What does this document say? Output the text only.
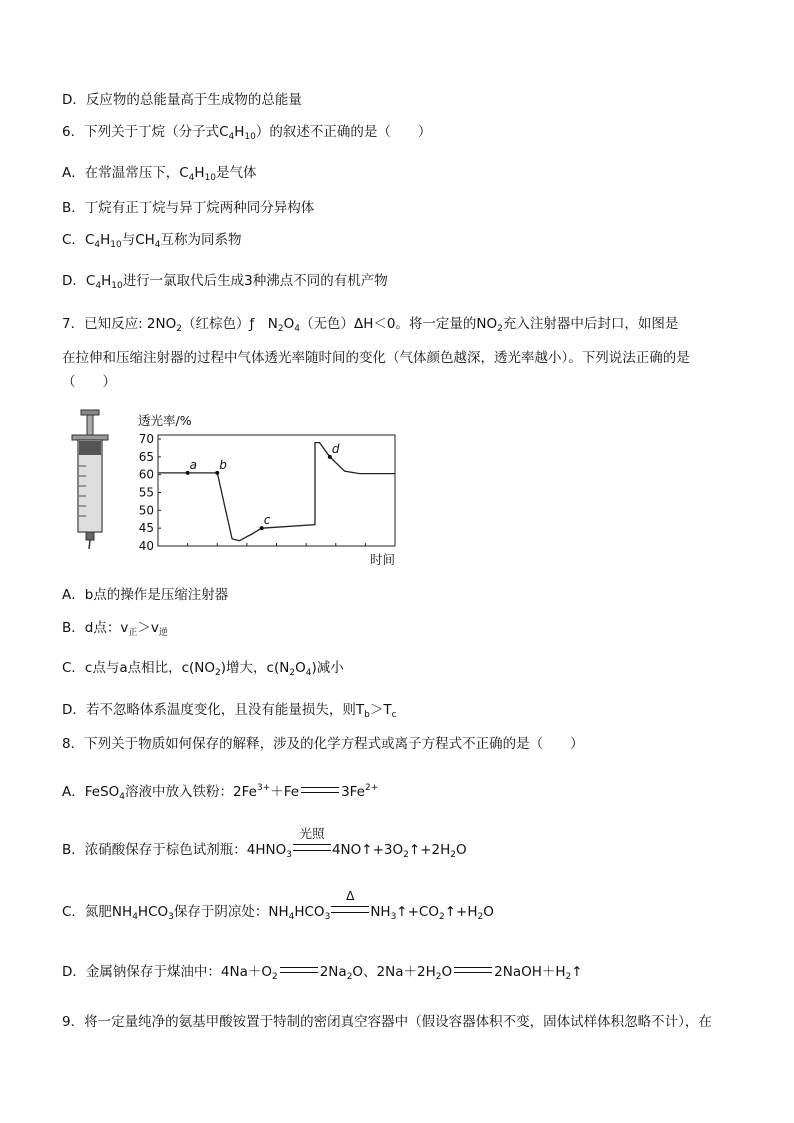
D．反应物的总能量高于生成物的总能量
6．下列关于丁烷（分子式$C_4H_{10}$）的叙述不正确的是（　　）
A．在常温常压下，$C_4H_{10}$是气体
B．丁烷有正丁烷与异丁烷两种同分异构体
C．$C_4H_{10}$与$CH_4$互称为同系物
D．$C_4H_{10}$进行一氯取代后生成3种沸点不同的有机产物
7．已知反应: $2NO_2$（红棕色）ƒ　$N_2O_4$（无色）ΔH＜0。将一定量的$NO_2$充入注射器中后封口，如图是
在拉伸和压缩注射器的过程中气体透光率随时间的变化（气体颜色越深，透光率越小）。下列说法正确的是
（　　）
透光率/%
70
65
60
55
50
45
40
a b
c
d
时间
A．b点的操作是压缩注射器
B．d点：$v_正>v_逆$
C．c点与a点相比，$c(NO_2)$增大，$c(N_2O_4)$减小
D．若不忽略体系温度变化，且没有能量损失，则$T_b>T_c$
8．下列关于物质如何保存的解释，涉及的化学方程式或离子方程式不正确的是（　　）
A．FeSO$_4$溶液中放入铁粉：$2Fe^{3+}+Fe$	$3Fe^{2+}$
B．浓硝酸保存于棕色试剂瓶：$4HNO_3$
光照
$4NO↑+3O_2↑+2H_2O$
C．氮肥$NH_4HCO_3$保存于阴凉处：$NH_4HCO_3$
Δ
$NH_3↑+CO_2↑+H_2O$
D．金属钠保存于煤油中：$4Na+O_2$	$2Na_2O$、$2Na+2H_2O$	$2NaOH+H_2↑$
9．将一定量纯净的氨基甲酸铵置于特制的密闭真空容器中（假设容器体积不变，固体试样体积忽略不计），在
